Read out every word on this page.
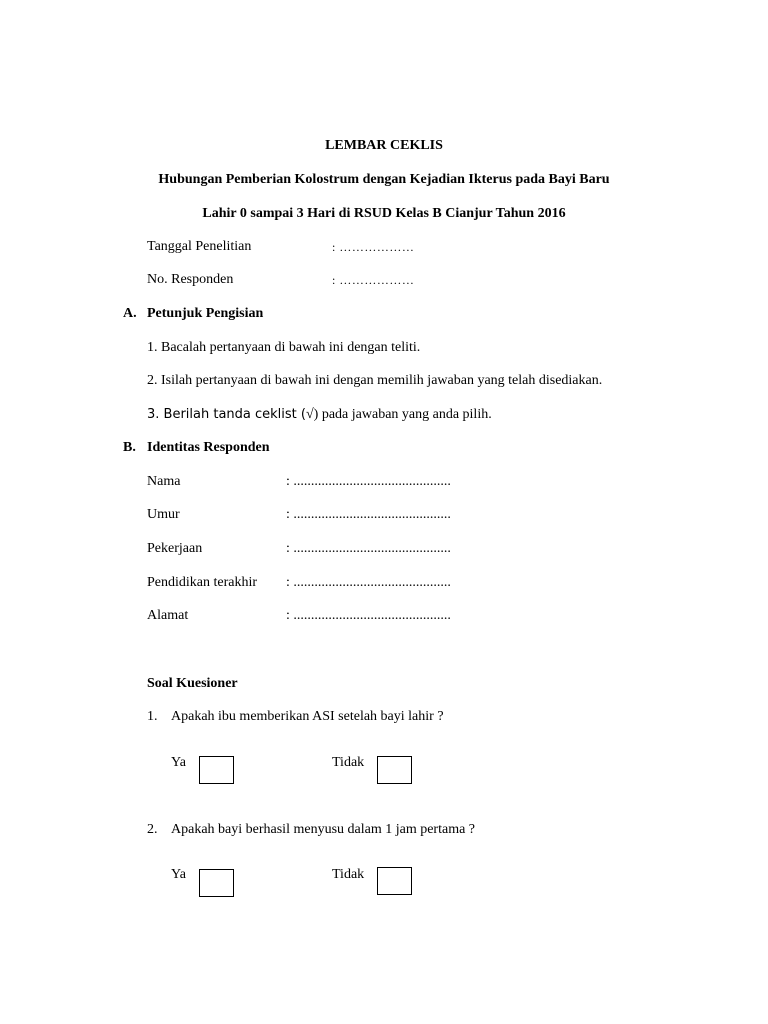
LEMBAR CEKLIS
Hubungan Pemberian Kolostrum dengan Kejadian Ikterus pada Bayi Baru
Lahir 0 sampai 3 Hari di RSUD Kelas B Cianjur Tahun 2016
Tanggal Penelitian	: ………………
No. Responden	: ………………
A. Petunjuk Pengisian
1. Bacalah pertanyaan di bawah ini dengan teliti.
2. Isilah pertanyaan di bawah ini dengan memilih jawaban yang telah disediakan.
3. Berilah tanda ceklist (√) pada jawaban yang anda pilih.
B. Identitas Responden
Nama	: .............................................
Umur	: .............................................
Pekerjaan	: .............................................
Pendidikan terakhir : .............................................
Alamat	: .............................................
Soal Kuesioner
1. Apakah ibu memberikan ASI setelah bayi lahir ?
Ya	Tidak
2. Apakah bayi berhasil menyusu dalam 1 jam pertama ?
Ya	Tidak
